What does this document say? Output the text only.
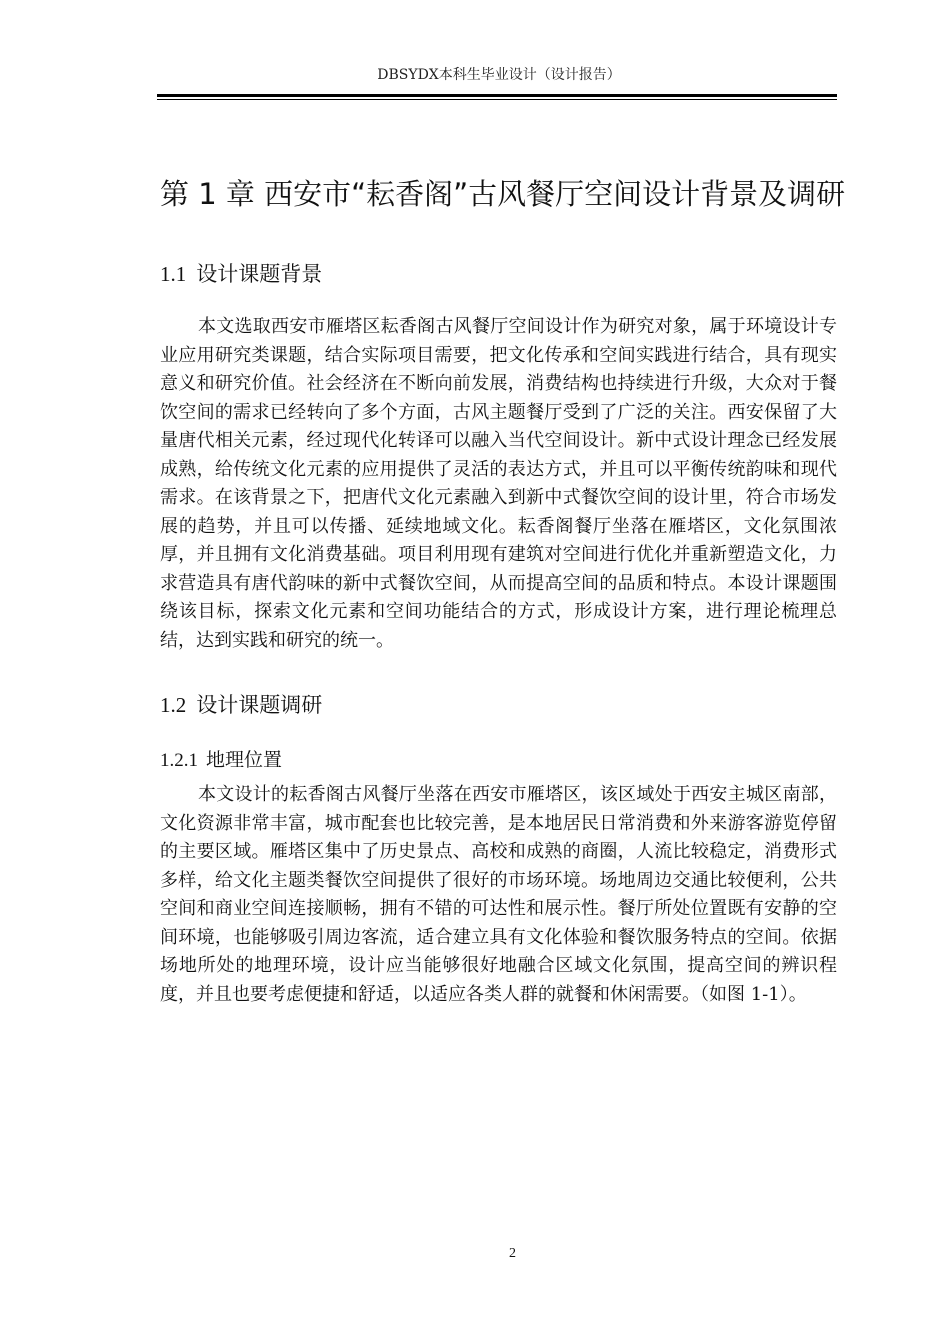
DBSYDX本科生毕业设计（设计报告）
第 1 章 西安市“耘香阁”古风餐厅空间设计背景及调研
1.1 设计课题背景
本文选取西安市雁塔区耘香阁古风餐厅空间设计作为研究对象，属于环境设计专业应用研究类课题，结合实际项目需要，把文化传承和空间实践进行结合，具有现实意义和研究价值。社会经济在不断向前发展，消费结构也持续进行升级，大众对于餐饮空间的需求已经转向了多个方面，古风主题餐厅受到了广泛的关注。西安保留了大量唐代相关元素，经过现代化转译可以融入当代空间设计。新中式设计理念已经发展成熟，给传统文化元素的应用提供了灵活的表达方式，并且可以平衡传统韵味和现代需求。在该背景之下，把唐代文化元素融入到新中式餐饮空间的设计里，符合市场发展的趋势，并且可以传播、延续地域文化。耘香阁餐厅坐落在雁塔区，文化氛围浓厚，并且拥有文化消费基础。项目利用现有建筑对空间进行优化并重新塑造文化，力求营造具有唐代韵味的新中式餐饮空间，从而提高空间的品质和特点。本设计课题围绕该目标，探索文化元素和空间功能结合的方式，形成设计方案，进行理论梳理总结，达到实践和研究的统一。
1.2 设计课题调研
1.2.1 地理位置
本文设计的耘香阁古风餐厅坐落在西安市雁塔区，该区域处于西安主城区南部，文化资源非常丰富，城市配套也比较完善，是本地居民日常消费和外来游客游览停留的主要区域。雁塔区集中了历史景点、高校和成熟的商圈，人流比较稳定，消费形式多样，给文化主题类餐饮空间提供了很好的市场环境。场地周边交通比较便利，公共空间和商业空间连接顺畅，拥有不错的可达性和展示性。餐厅所处位置既有安静的空间环境，也能够吸引周边客流，适合建立具有文化体验和餐饮服务特点的空间。依据场地所处的地理环境，设计应当能够很好地融合区域文化氛围，提高空间的辨识程度，并且也要考虑便捷和舒适，以适应各类人群的就餐和休闲需要。（如图 1-1）。
2
